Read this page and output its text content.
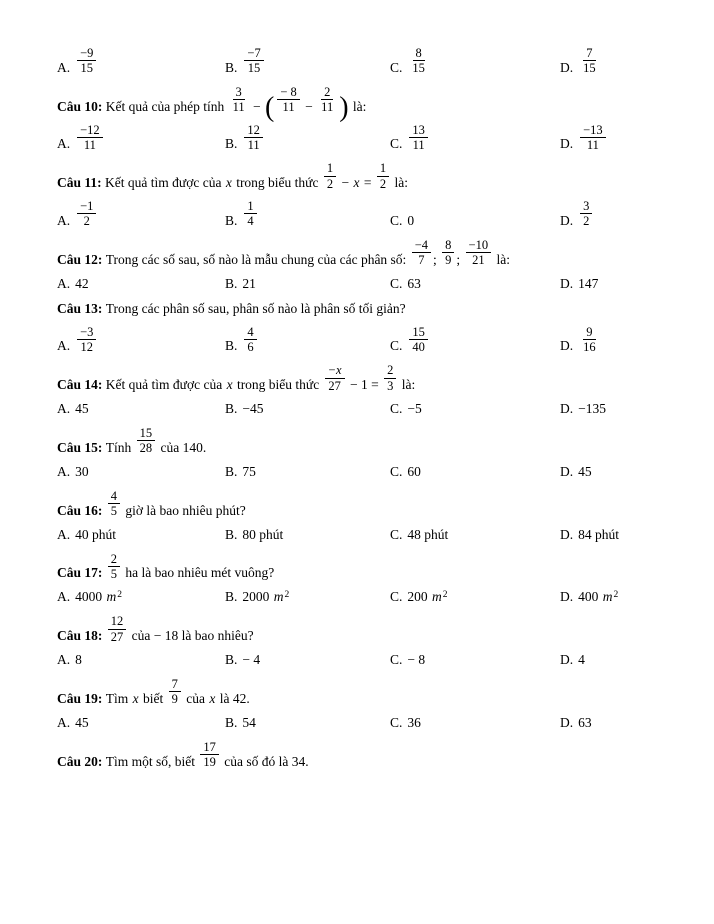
A. $\frac{-9}{15}$	B. $\frac{-7}{15}$	C. $\frac{8}{15}$	D. $\frac{7}{15}$
Câu 10: Kết quả của phép tính $\frac{3}{11}$ − ( $\frac{- 8}{11} - \frac{2}{11}$ ) là:
A. $\frac{-12}{11}$	B. $\frac{12}{11}$	C. $\frac{13}{11}$	D. $\frac{-13}{11}$
Câu 11: Kết quả tìm được của x trong biểu thức $\frac{1}{2} - x = \frac{1}{2}$ là:
A. $\frac{-1}{2}$	B. $\frac{1}{4}$	C. 0	D. $\frac{3}{2}$
Câu 12: Trong các số sau, số nào là mẫu chung của các phân số: $\frac{-4}{7}$ ; $\frac{8}{9}$ ; $\frac{-10}{21}$ là:
A. 42	B. 21	C. 63	D. 147
Câu 13: Trong các phân số sau, phân số nào là phân số tối giản?
A. $\frac{-3}{12}$	B. $\frac{4}{6}$	C. $\frac{15}{40}$	D. $\frac{9}{16}$
Câu 14: Kết quả tìm được của x trong biểu thức $\frac{-x}{27} - 1 = \frac{2}{3}$ là:
A. 45	B. −45	C. −5	D. −135
Câu 15: Tính $\frac{15}{28}$ của 140.
A. 30	B. 75	C. 60	D. 45
Câu 16: $\frac{4}{5}$ giờ là bao nhiêu phút?
A. 40 phút	B. 80 phút	C. 48 phút	D. 84 phút
Câu 17: $\frac{2}{5}$ ha là bao nhiêu mét vuông?
A. 4000 m 2	B. 2000 m 2	C. 200 m 2	D. 400 m 2
Câu 18: $\frac{12}{27}$ của − 18 là bao nhiêu?
A. 8	B. − 4	C. − 8	D. 4
Câu 19: Tìm x biết $\frac{7}{9}$ của x là 42.
A. 45	B. 54	C. 36	D. 63
Câu 20: Tìm một số, biết $\frac{17}{19}$ của số đó là 34.
